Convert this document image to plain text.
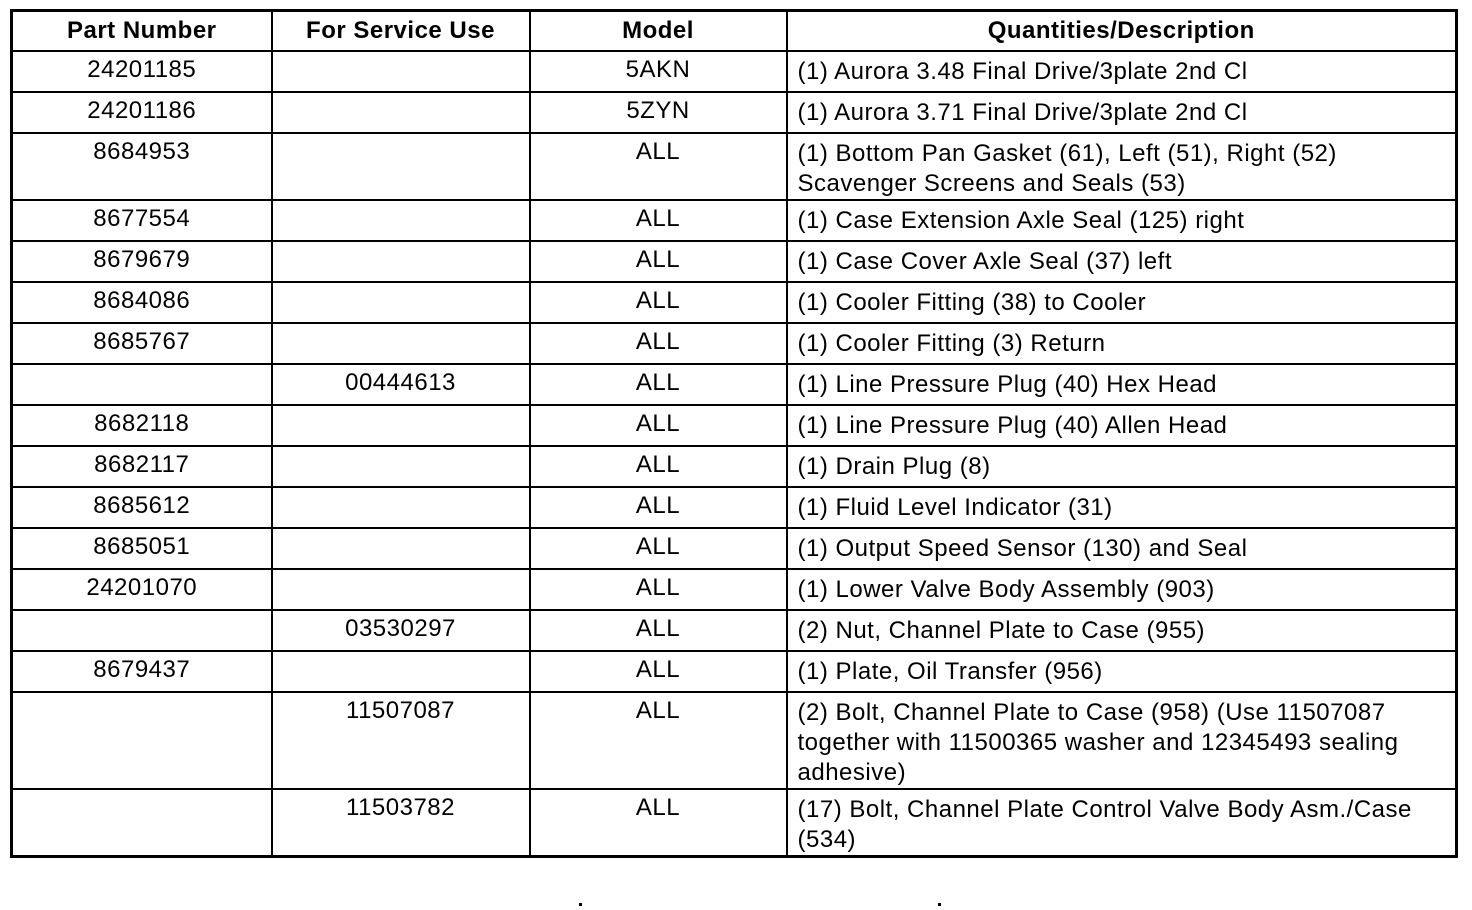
Part Number	For Service Use	Model	Quantities/Description
24201185		5AKN	(1) Aurora 3.48 Final Drive/3plate 2nd Cl
24201186		5ZYN	(1) Aurora 3.71 Final Drive/3plate 2nd Cl
8684953		ALL	(1) Bottom Pan Gasket (61), Left (51), Right (52) Scavenger Screens and Seals (53)
8677554		ALL	(1) Case Extension Axle Seal (125) right
8679679		ALL	(1) Case Cover Axle Seal (37) left
8684086		ALL	(1) Cooler Fitting (38) to Cooler
8685767		ALL	(1) Cooler Fitting (3) Return
	00444613	ALL	(1) Line Pressure Plug (40) Hex Head
8682118		ALL	(1) Line Pressure Plug (40) Allen Head
8682117		ALL	(1) Drain Plug (8)
8685612		ALL	(1) Fluid Level Indicator (31)
8685051		ALL	(1) Output Speed Sensor (130) and Seal
24201070		ALL	(1) Lower Valve Body Assembly (903)
	03530297	ALL	(2) Nut, Channel Plate to Case (955)
8679437		ALL	(1) Plate, Oil Transfer (956)
	11507087	ALL	(2) Bolt, Channel Plate to Case (958) (Use 11507087 together with 11500365 washer and 12345493 sealing adhesive)
	11503782	ALL	(17) Bolt, Channel Plate Control Valve Body Asm./Case (534)
